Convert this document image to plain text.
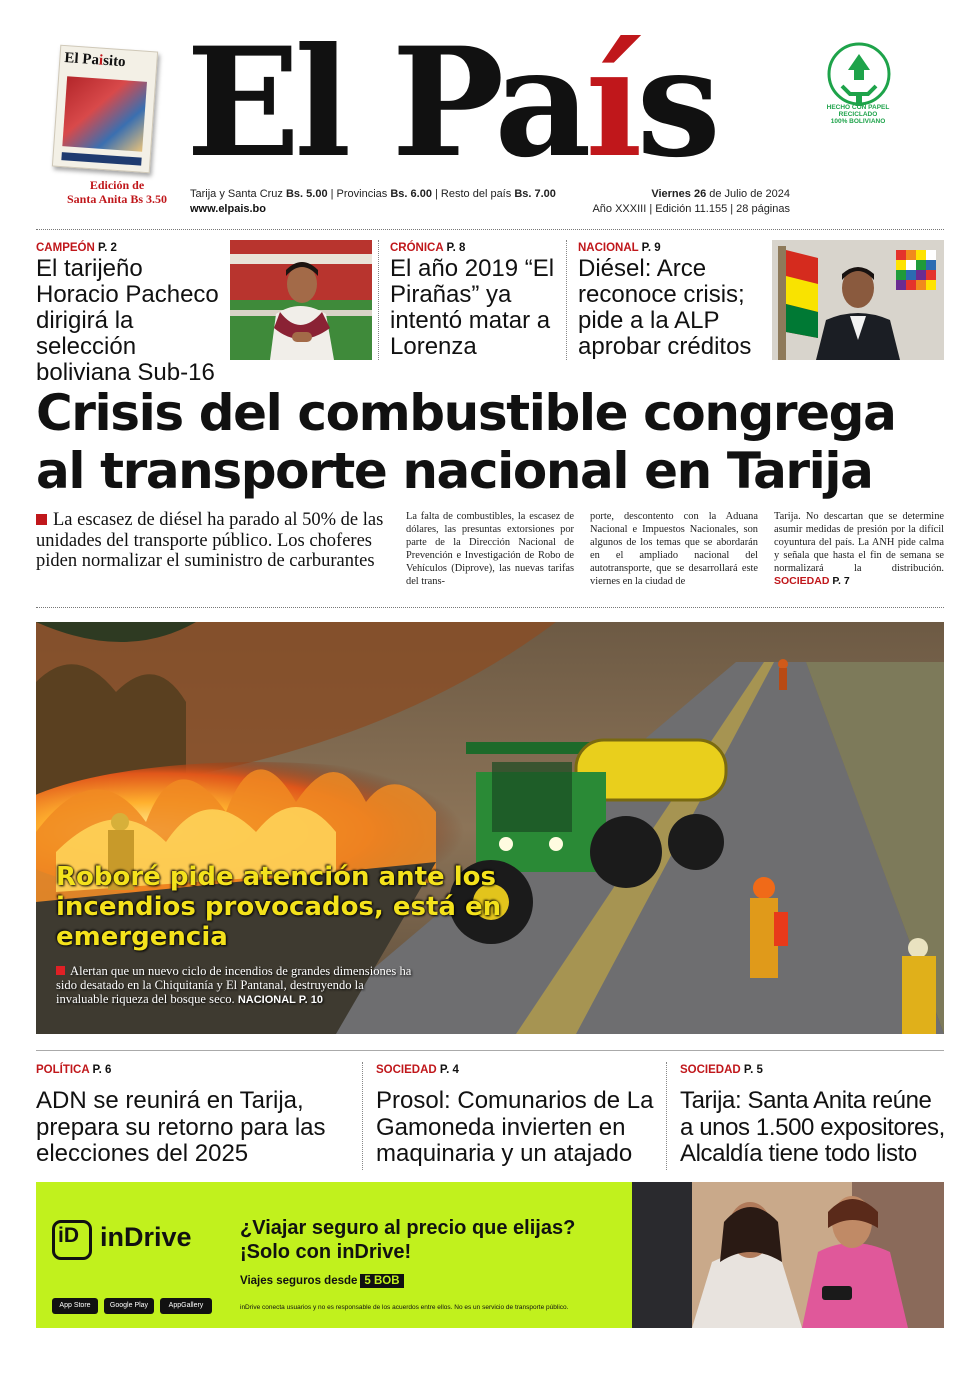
El Paisito
Edición de
Santa Anita Bs 3.50
El País	HECHO CON PAPEL
RECICLADO
100% BOLIVIANO
Tarija y Santa Cruz Bs. 5.00 | Provincias Bs. 6.00 | Resto del país Bs. 7.00
www.elpais.bo
Viernes 26 de Julio de 2024
Año XXXIII | Edición 11.155 | 28 páginas
CAMPEÓN P. 2
El tarijeño Horacio Pacheco dirigirá la selección boliviana Sub-16
CRÓNICA P. 8
El año 2019 “El Pirañas” ya intentó matar a Lorenza
NACIONAL P. 9
Diésel: Arce reconoce crisis; pide a la ALP aprobar créditos
Crisis del combustible congrega al transporte nacional en Tarija
La escasez de diésel ha parado al 50% de las unidades del transporte público. Los choferes piden normalizar el suministro de carburantes
La falta de combustibles, la escasez de dólares, las presuntas extorsiones por parte de la Dirección Nacional de Prevención e Investigación de Robo de Vehículos (Diprove), las nuevas tarifas del trans-
porte, descontento con la Aduana Nacional e Impuestos Nacionales, son algunos de los temas que se abordarán en el ampliado nacional del autotransporte, que se desarrollará este viernes en la ciudad de
Tarija. No descartan que se determine asumir medidas de presión por la difícil coyuntura del país. La ANH pide calma y señala que hasta el fin de semana se normalizará la distribución. SOCIEDAD P. 7
Roboré pide atención ante los incendios provocados, está en emergencia
Alertan que un nuevo ciclo de incendios de grandes dimensiones ha sido desatado en la Chiquitanía y El Pantanal, destruyendo la invaluable riqueza del bosque seco. NACIONAL P. 10
POLÍTICA P. 6
ADN se reunirá en Tarija, prepara su retorno para las elecciones del 2025
SOCIEDAD P. 4
Prosol: Comunarios de La Gamoneda invierten en maquinaria y un atajado
SOCIEDAD P. 5
Tarija: Santa Anita reúne a unos 1.500 expositores, Alcaldía tiene todo listo
iD inDrive
App Store	Google Play	AppGallery
¿Viajar seguro al precio que elijas?
¡Solo con inDrive!
Viajes seguros desde 5 BOB
inDrive conecta usuarios y no es responsable de los acuerdos entre ellos. No es un servicio de transporte público.
